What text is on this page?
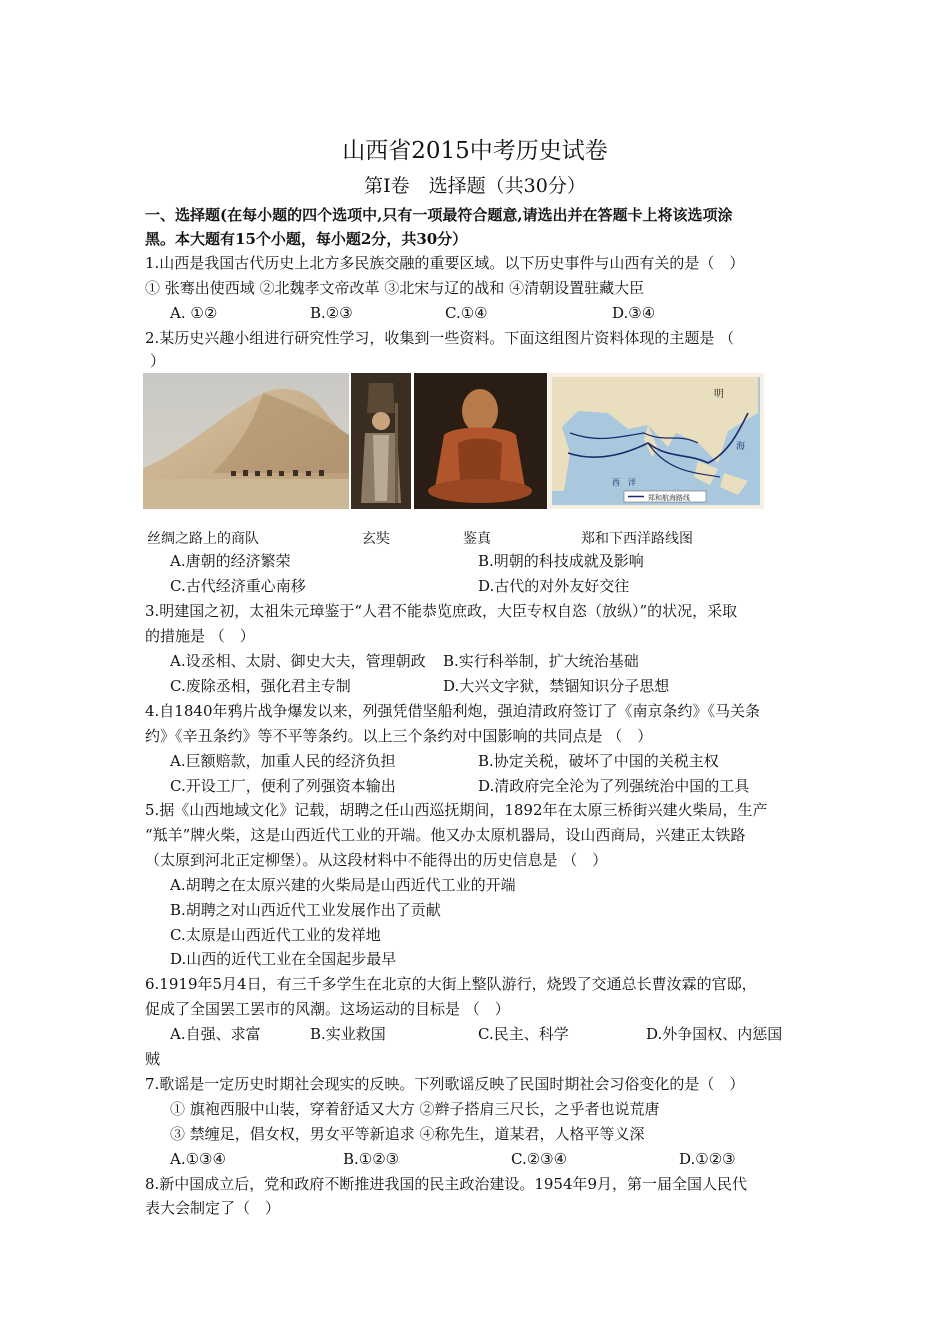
山西省2015中考历史试卷
第Ⅰ卷　选择题（共30分）
一、选择题(在每小题的四个选项中,只有一项最符合题意,请选出并在答题卡上将该选项涂
黑。本大题有15个小题，每小题2分，共30分）
1.山西是我国古代历史上北方多民族交融的重要区域。以下历史事件与山西有关的是（　）
① 张骞出使西域 ②北魏孝文帝改革 ③北宋与辽的战和 ④清朝设置驻藏大臣
A. ①②	B.②③	C.①④	D.③④
2.某历史兴趣小组进行研究性学习，收集到一些资料。下面这组图片资料体现的主题是 （
）
明
海
西　洋
郑和航海路线
丝绸之路上的商队	玄奘	鉴真	郑和下西洋路线图
A.唐朝的经济繁荣	B.明朝的科技成就及影响
C.古代经济重心南移	D.古代的对外友好交往
3.明建国之初，太祖朱元璋鉴于“人君不能恭览庶政，大臣专权自恣（放纵）”的状况，采取
的措施是 （　）
A.设丞相、太尉、御史大夫，管理朝政 B.实行科举制，扩大统治基础
C.废除丞相，强化君主专制	D.大兴文字狱，禁锢知识分子思想
4.自1840年鸦片战争爆发以来，列强凭借坚船利炮，强迫清政府签订了《南京条约》《马关条
约》《辛丑条约》等不平等条约。以上三个条约对中国影响的共同点是 （　）
A.巨额赔款，加重人民的经济负担	B.协定关税，破坏了中国的关税主权
C.开设工厂，便利了列强资本输出	D.清政府完全沦为了列强统治中国的工具
5.据《山西地域文化》记载，胡聘之任山西巡抚期间，1892年在太原三桥街兴建火柴局，生产
“羝羊”牌火柴，这是山西近代工业的开端。他又办太原机器局，设山西商局，兴建正太铁路
（太原到河北正定柳堡）。从这段材料中不能得出的历史信息是 （　）
A.胡聘之在太原兴建的火柴局是山西近代工业的开端
B.胡聘之对山西近代工业发展作出了贡献
C.太原是山西近代工业的发祥地
D.山西的近代工业在全国起步最早
6.1919年5月4日，有三千多学生在北京的大街上整队游行，烧毁了交通总长曹汝霖的官邸，
促成了全国罢工罢市的风潮。这场运动的目标是 （　）
A.自强、求富	B.实业救国	C.民主、科学	D.外争国权、内惩国
贼
7.歌谣是一定历史时期社会现实的反映。下列歌谣反映了民国时期社会习俗变化的是（　）
① 旗袍西服中山装，穿着舒适又大方 ②辫子搭肩三尺长，之乎者也说荒唐
③ 禁缠足，倡女权，男女平等新追求 ④称先生，道某君，人格平等义深
A.①③④	B.①②③	C.②③④	D.①②③
8.新中国成立后，党和政府不断推进我国的民主政治建设。1954年9月，第一届全国人民代
表大会制定了（　）
